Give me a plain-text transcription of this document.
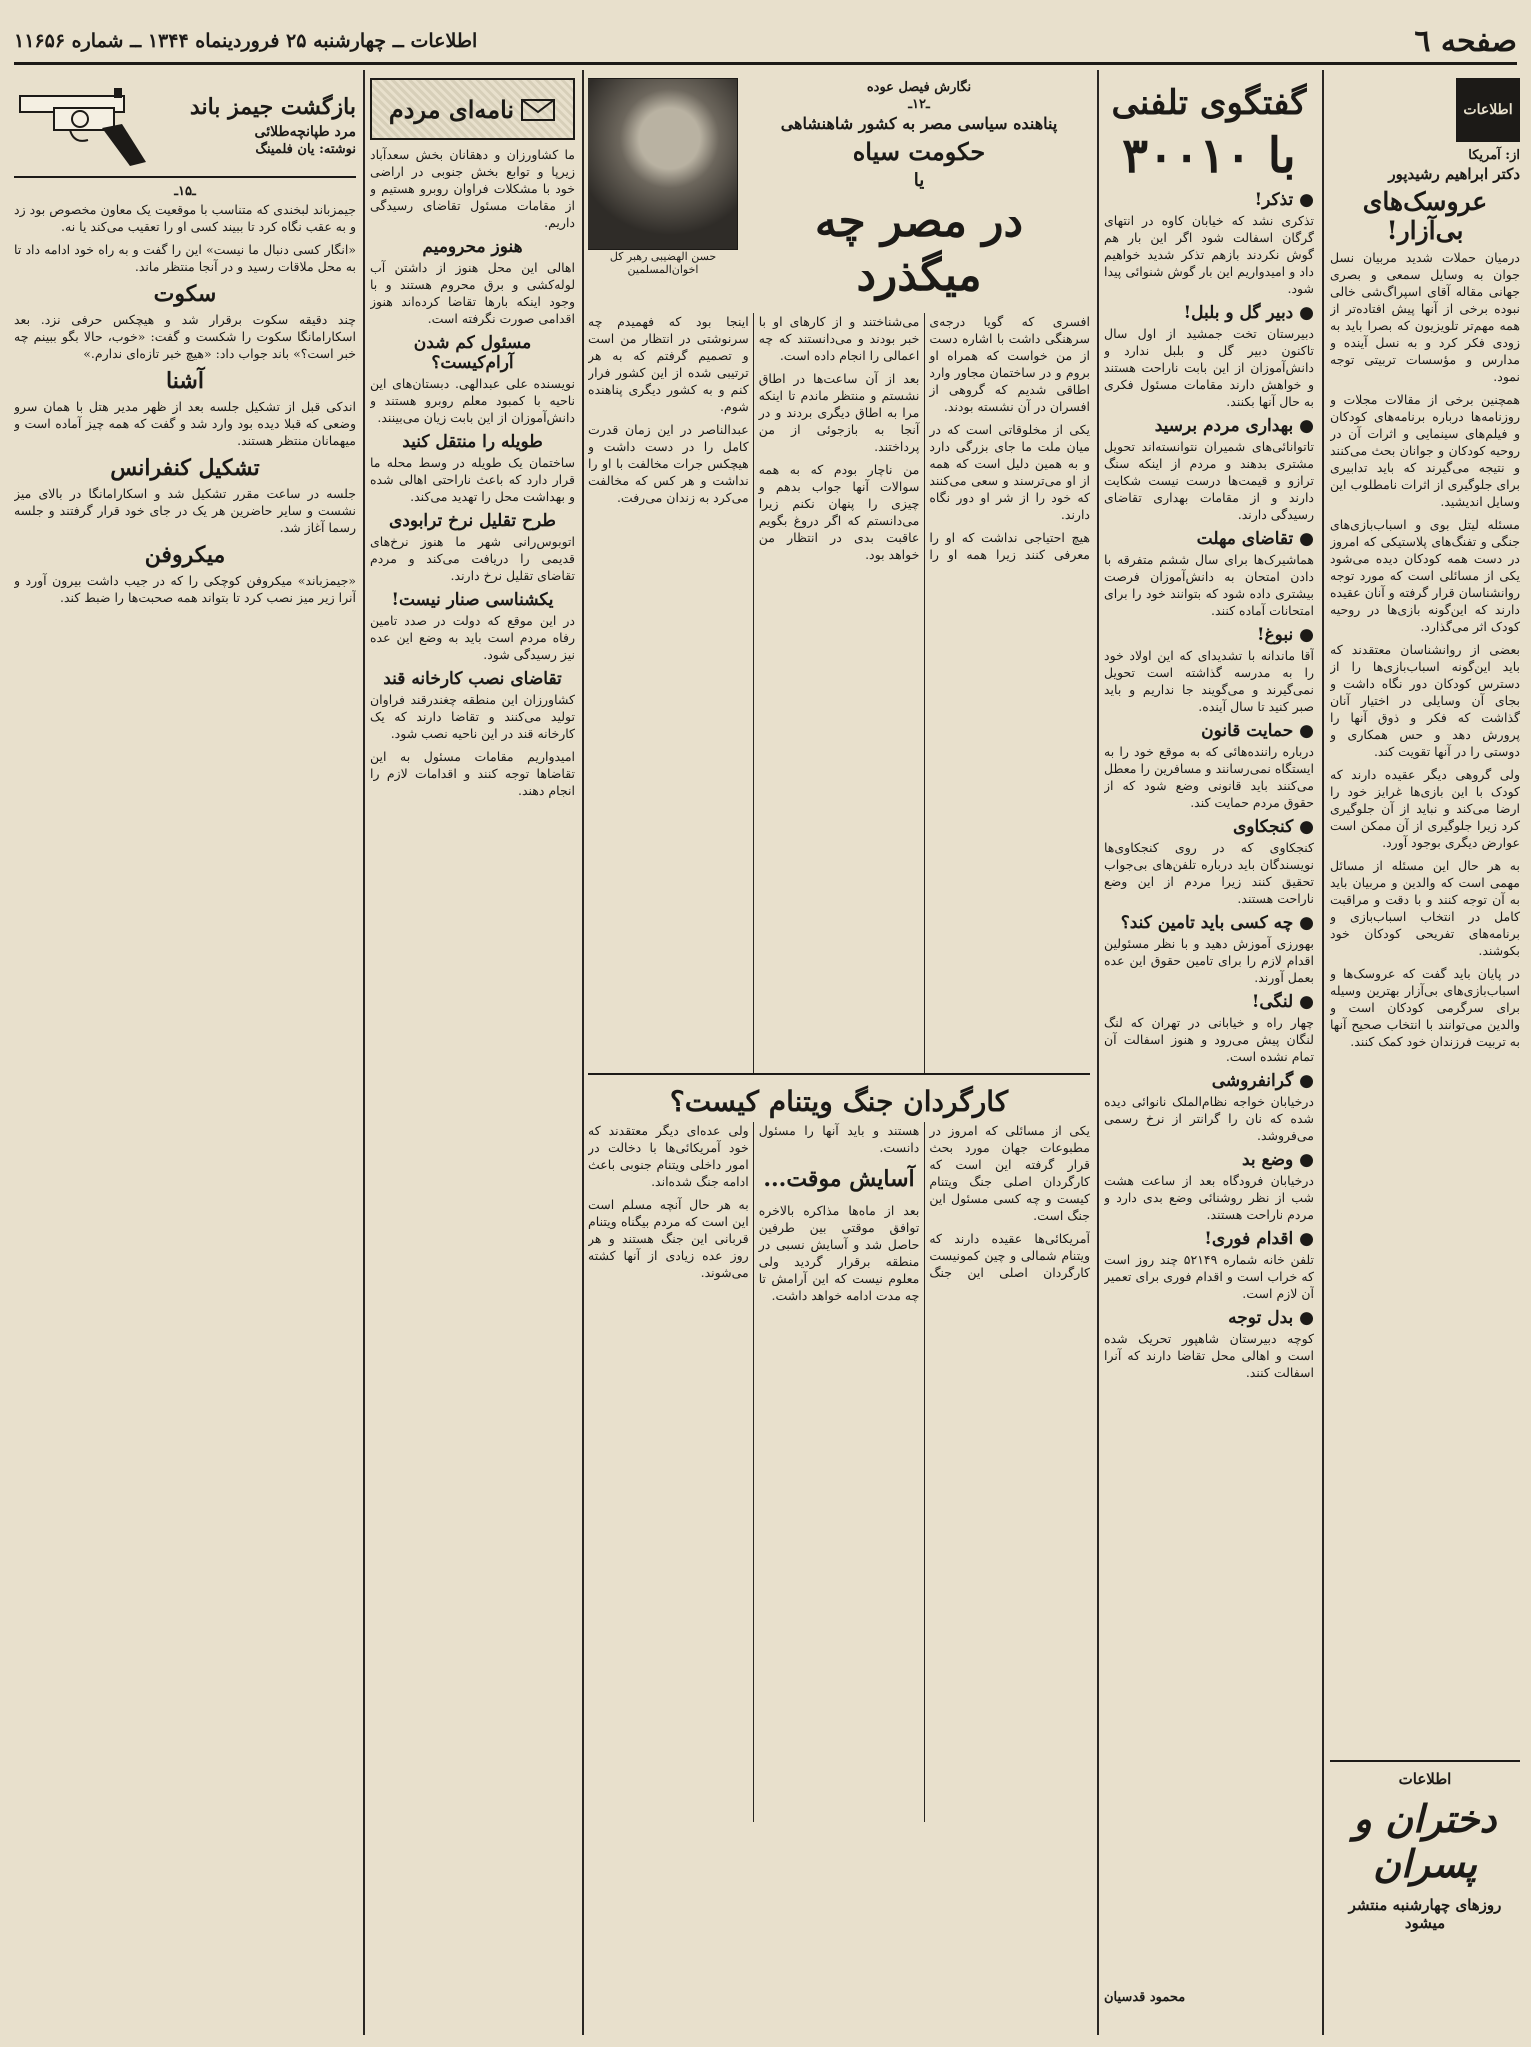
صفحه ٦
اطلاعات ــ چهارشنبه ۲۵ فروردینماه ۱۳۴۴ ــ شماره ۱۱۶۵۶
اطلاعات
از: آمریکا
دکتر ابراهیم رشیدپور
عروسک‌های بی‌آزار!

درمیان حملات شدید مربیان نسل جوان به وسایل سمعی و بصری‌ جهانی مقاله آقای اسپراگ‌شی خالی‌ نبوده برخی از آنها پیش افتاده‌تر از همه مهم‌تر تلویزیون که بصرا باید به زودی فکر کرد و به نسل آینده و مدارس و مؤسسات تربیتی توجه نمود.

همچنین برخی از مقالات مجلات و روزنامه‌ها درباره برنامه‌های کودکان و فیلم‌های سینمایی و اثرات آن در روحیه کودکان و جوانان بحث می‌کنند و نتیجه می‌گیرند که باید تدابیری برای جلوگیری از اثرات نامطلوب این وسایل اندیشید.

مسئله لیتل بوی و اسباب‌بازی‌های جنگی و تفنگ‌های پلاستیکی که امروز در دست همه کودکان دیده می‌شود یکی از مسائلی است که مورد توجه روانشناسان قرار گرفته و آنان عقیده دارند که این‌گونه بازی‌ها در روحیه کودک اثر می‌گذارد.

بعضی از روانشناسان معتقدند که باید این‌گونه اسباب‌بازی‌ها را از دسترس کودکان دور نگاه داشت و بجای آن وسایلی در اختیار آنان گذاشت که فکر و ذوق آنها را پرورش دهد و حس همکاری و دوستی را در آنها تقویت کند.

ولی گروهی دیگر عقیده دارند که کودک با این بازی‌ها غرایز خود را ارضا می‌کند و نباید از آن جلوگیری کرد زیرا جلوگیری از آن ممکن است عوارض دیگری بوجود آورد.

به هر حال این مسئله از مسائل مهمی است که والدین و مربیان باید به آن توجه کنند و با دقت و مراقبت کامل در انتخاب اسباب‌بازی و برنامه‌های تفریحی کودکان خود بکوشند.

در پایان باید گفت که عروسک‌ها و اسباب‌بازی‌های بی‌آزار بهترین وسیله برای سرگرمی کودکان است و والدین می‌توانند با انتخاب صحیح آنها به تربیت فرزندان خود کمک کنند.

اطلاعات
دختران و پسران
روزهای چهارشنبه منتشر میشود
گفتگوی تلفنی
با ۳۰۰۱۰
● تذکر!

تذکری نشد که خیابان کاوه در انتهای گرگان اسفالت شود اگر این بار هم گوش نکردند بازهم تذکر شدید خواهیم داد و امیدواریم این بار گوش شنوائی پیدا شود.

● دبیر گل و بلبل!

دبیرستان تخت جمشید از اول سال تاکنون دبیر گل و بلبل ندارد و دانش‌آموزان از این بابت ناراحت هستند و خواهش دارند مقامات مسئول فکری به حال آنها بکنند.

● بهداری مردم برسید

تاتوانائی‌های شمیران نتوانسته‌اند تحویل مشتری بدهند و مردم از اینکه سنگ ترازو و قیمت‌ها درست نیست شکایت دارند و از مقامات بهداری تقاضای رسیدگی دارند.

● تقاضای مهلت

هماشیرک‌ها برای سال ششم متفرقه با دادن امتحان به دانش‌آموزان فرصت بیشتری داده شود که بتوانند خود را برای امتحانات آماده کنند.

● نبوغ!

آقا ماندانه با تشدید‌ای که این اولاد خود را به مدرسه گذاشته است تحویل نمی‌گیرند و می‌گویند جا نداریم و باید صبر کنید تا سال آینده.

● حمایت قانون

درباره راننده‌هائی که به موقع خود را به ایستگاه نمی‌رسانند و مسافرین را معطل می‌کنند باید قانونی وضع شود که از حقوق مردم حمایت کند.

● کنجکاوی

کنجکاوی که در روی کنجکاوی‌ها نویسندگان باید درباره تلفن‌های بی‌جواب تحقیق کنند زیرا مردم از این وضع ناراحت هستند.

● چه کسی باید تامین کند؟

بهورزی آموزش دهید و با نظر مسئولین اقدام لازم را برای تامین حقوق این عده بعمل آورند.

● لنگی!

چهار راه و خیابانی در تهران که لنگ لنگان پیش می‌رود و هنوز اسفالت آن تمام نشده است.

● گرانفروشی

درخیابان خواجه نظام‌الملک نانوائی دیده شده که نان را گرانتر از نرخ رسمی می‌فروشد.

● وضع بد

درخیابان فرودگاه بعد از ساعت هشت شب از نظر روشنائی وضع بدی دارد و مردم ناراحت هستند.

● اقدام فوری!

تلفن خانه شماره ۵۲۱۴۹ چند روز است که خراب است و اقدام فوری برای تعمیر آن لازم است.

● بدل توجه

کوچه دبیرستان شاهپور تحریک شده است و اهالی محل تقاضا دارند که آنرا اسفالت کنند.

محمود قدسیان
نگارش فیصل عوده
ـ۱۲ـ
پناهنده سیاسی مصر به کشور شاهنشاهی
حکومت سیاه
یا
در مصر چه میگذرد
حسن الهضیبی رهبر کل اخوان‌المسلمین

افسری که گویا درجه‌ی سرهنگی داشت با اشاره دست از من خواست که همراه او بروم و در ساختمان مجاور وارد اطاقی شدیم که گروهی از افسران در آن نشسته بودند.

یکی از مخلوقاتی است که در میان ملت ما جای بزرگی دارد و به همین دلیل است که همه از او می‌ترسند و سعی می‌کنند که خود را از شر او دور نگاه دارند.

هیچ احتیاجی نداشت که او را معرفی کنند زیرا همه او را می‌شناختند و از کارهای او با خبر بودند و می‌دانستند که چه اعمالی را انجام داده است.

بعد از آن ساعت‌ها در اطاق نشستم و منتظر ماندم تا اینکه مرا به اطاق دیگری بردند و در آنجا به بازجوئی از من پرداختند.

من ناچار بودم که به همه سوالات آنها جواب بدهم و چیزی را پنهان نکنم زیرا می‌دانستم که اگر دروغ بگویم عاقبت بدی در انتظار من خواهد بود.

اینجا بود که فهمیدم چه سرنوشتی در انتظار من است و تصمیم گرفتم که به هر ترتیبی شده از این کشور فرار کنم و به کشور دیگری پناهنده شوم.

عبدالناصر در این زمان قدرت کامل را در دست داشت و هیچکس جرات مخالفت با او را نداشت و هر کس که مخالفت می‌کرد به زندان می‌رفت.

کارگردان جنگ ویتنام کیست؟

یکی از مسائلی که امروز در مطبوعات جهان مورد بحث قرار گرفته این است که کارگردان اصلی جنگ ویتنام کیست و چه کسی مسئول این جنگ است.

آمریکائی‌ها عقیده دارند که ویتنام شمالی و چین کمونیست کارگردان اصلی این جنگ هستند و باید آنها را مسئول دانست.

آسایش موقت...

بعد از ماه‌ها مذاکره بالاخره توافق موقتی بین طرفین حاصل شد و آسایش نسبی در منطقه برقرار گردید ولی معلوم نیست که این آرامش تا چه مدت ادامه خواهد داشت.

ولی عده‌ای دیگر معتقدند که خود آمریکائی‌ها با دخالت در امور داخلی ویتنام جنوبی باعث ادامه جنگ شده‌اند.

به هر حال آنچه مسلم است این است که مردم بیگناه ویتنام قربانی این جنگ هستند و هر روز عده زیادی از آنها کشته می‌شوند.

نامه‌ای مردم

ما کشاورزان و دهقانان بخش سعدآباد زیرپا و توابع بخش جنوبی در اراضی خود با مشکلات فراوان روبرو هستیم و از مقامات مسئول تقاضای رسیدگی داریم.

هنوز محرومیم

اهالی این محل هنوز از داشتن آب لوله‌کشی و برق محروم هستند و با وجود اینکه بارها تقاضا کرده‌اند هنوز اقدامی صورت نگرفته است.

مسئول کم شدن آرام‌کیست؟

نویسنده علی عبدالهی. دبستان‌های این ناحیه با کمبود معلم روبرو هستند و دانش‌آموزان از این بابت زیان می‌بینند.

طویله را منتقل کنید

ساختمان یک طویله در وسط محله ما قرار دارد که باعث ناراحتی اهالی شده و بهداشت محل را تهدید می‌کند.

طرح تقلیل نرخ ترابودی

اتوبوس‌رانی شهر ما هنوز نرخ‌های قدیمی را دریافت می‌کند و مردم تقاضای تقلیل نرخ دارند.

یکشناسی صنار نیست!

در این موقع که دولت در صدد تامین رفاه مردم است باید به وضع این عده نیز رسیدگی شود.

تقاضای نصب کارخانه قند

کشاورزان این منطقه چغندرقند فراوان تولید می‌کنند و تقاضا دارند که یک کارخانه قند در این ناحیه نصب شود.

امیدواریم مقامات مسئول به این تقاضاها توجه کنند و اقدامات لازم را انجام دهند.

بازگشت جیمز باند
مرد طپانچه‌طلائی
نوشته: یان فلمینگ
ـ۱۵ـ

جیمزباند لبخندی که متناسب با موقعیت یک معاون مخصوص بود زد و به عقب نگاه کرد تا ببیند کسی او را تعقیب می‌کند یا نه.

«انگار کسی دنبال ما نیست» این را گفت و به راه خود ادامه داد تا به محل ملاقات رسید و در آنجا منتظر ماند.

سکوت

چند دقیقه سکوت برقرار شد و هیچکس حرفی نزد. بعد اسکارامانگا سکوت را شکست و گفت: «خوب، حالا بگو ببینم چه خبر است؟» باند جواب داد: «هیچ خبر تازه‌ای ندارم.»

آشنا

اندکی قبل از تشکیل جلسه بعد از ظهر مدیر هتل با همان سرو وضعی که قبلا دیده بود وارد شد و گفت که همه چیز آماده است و میهمانان منتظر هستند.

تشکیل کنفرانس

جلسه در ساعت مقرر تشکیل شد و اسکارامانگا در بالای میز نشست و سایر حاضرین هر یک در جای خود قرار گرفتند و جلسه رسما آغاز شد.

میکروفن

«جیمزباند» میکروفن کوچکی را که در جیب داشت بیرون آورد و آنرا زیر میز نصب کرد تا بتواند همه صحبت‌ها را ضبط کند.
